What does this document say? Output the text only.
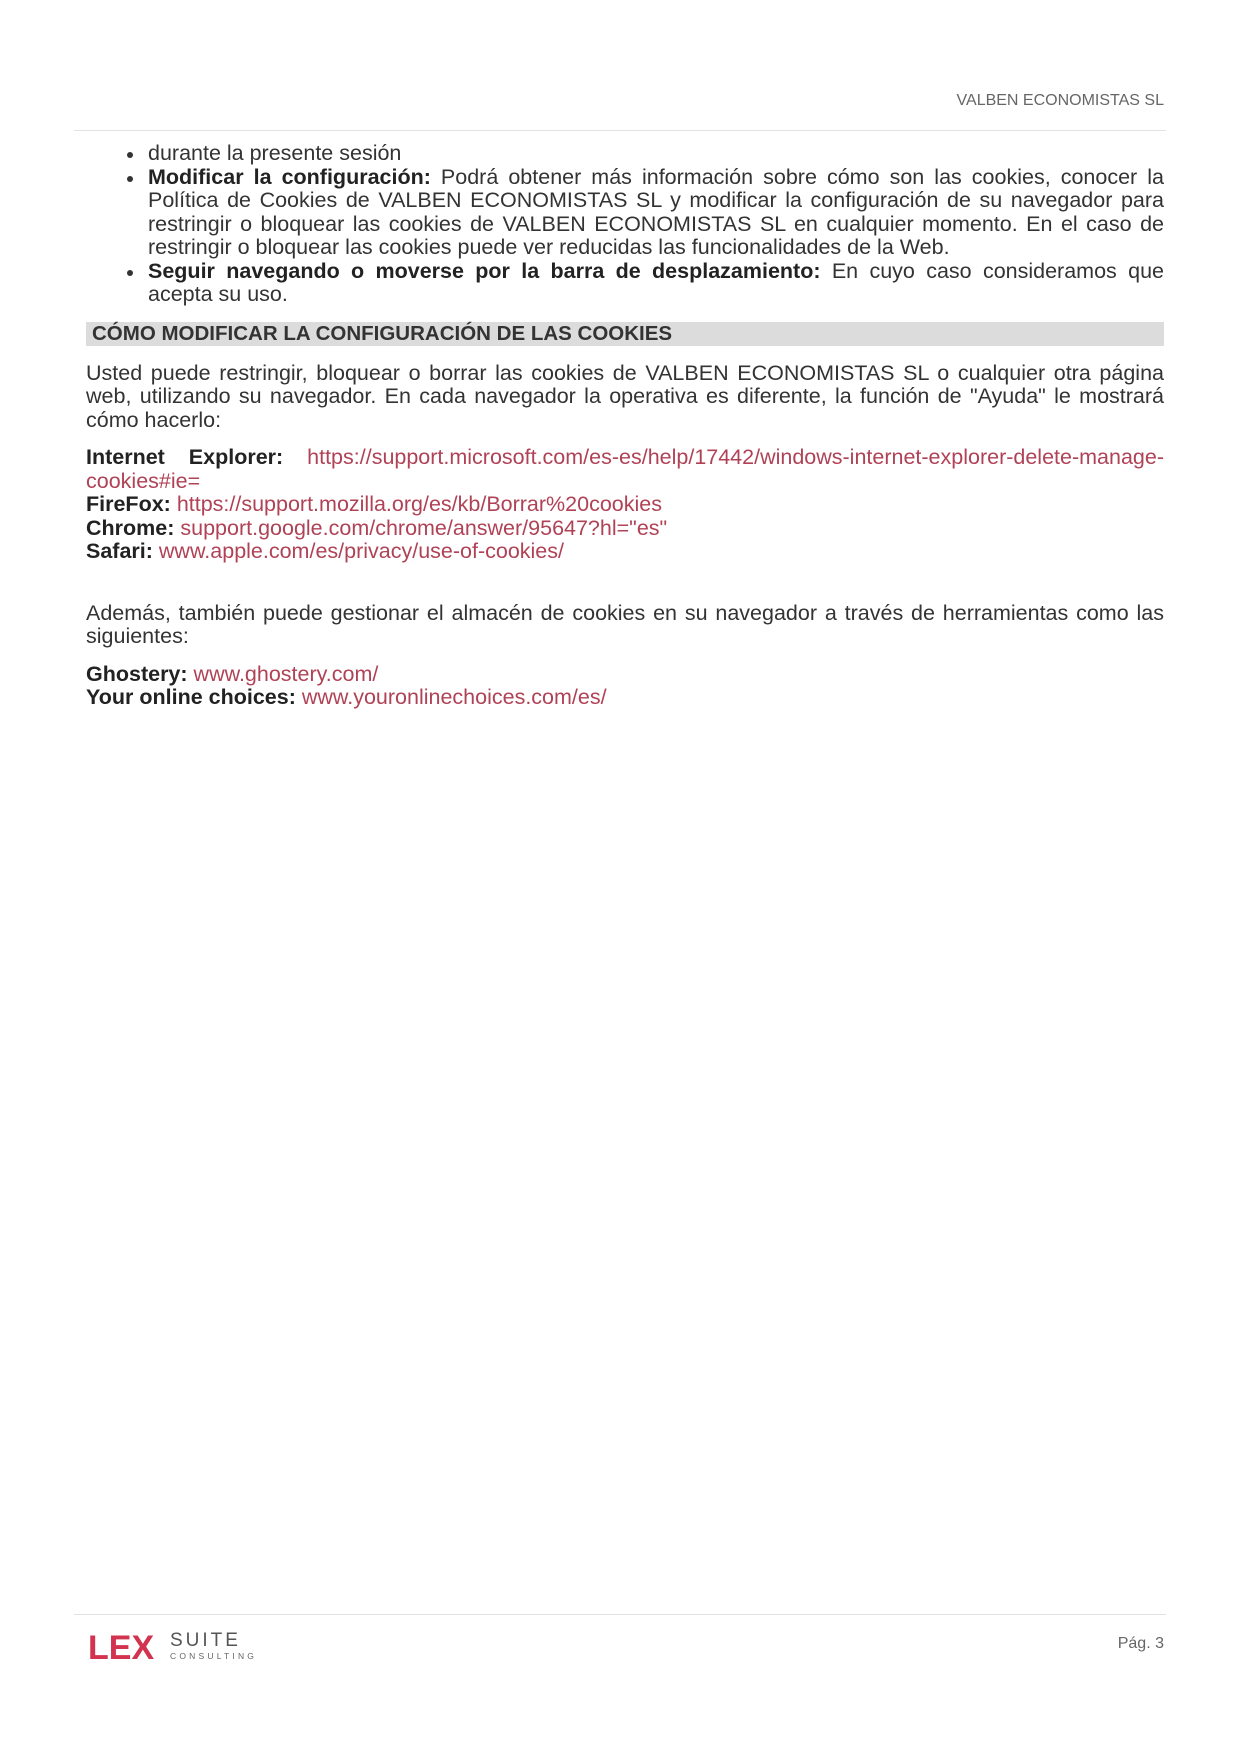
VALBEN ECONOMISTAS SL
durante la presente sesión
Modificar la configuración: Podrá obtener más información sobre cómo son las cookies, conocer la Política de Cookies de VALBEN ECONOMISTAS SL y modificar la configuración de su navegador para restringir o bloquear las cookies de VALBEN ECONOMISTAS SL en cualquier momento. En el caso de restringir o bloquear las cookies puede ver reducidas las funcionalidades de la Web.
Seguir navegando o moverse por la barra de desplazamiento: En cuyo caso consideramos que acepta su uso.
CÓMO MODIFICAR LA CONFIGURACIÓN DE LAS COOKIES

Usted puede restringir, bloquear o borrar las cookies de VALBEN ECONOMISTAS SL o cualquier otra página web, utilizando su navegador. En cada navegador la operativa es diferente, la función de "Ayuda" le mostrará cómo hacerlo:

Internet Explorer: https://support.microsoft.com/es-es/help/17442/windows-internet-explorer-delete-manage-cookies#ie=
FireFox: https://support.mozilla.org/es/kb/Borrar%20cookies
Chrome: support.google.com/chrome/answer/95647?hl="es"
Safari: www.apple.com/es/privacy/use-of-cookies/

Además, también puede gestionar el almacén de cookies en su navegador a través de herramientas como las siguientes:

Ghostery: www.ghostery.com/
Your online choices: www.youronlinechoices.com/es/
LEX SUITE
CONSULTING
Pág. 3
